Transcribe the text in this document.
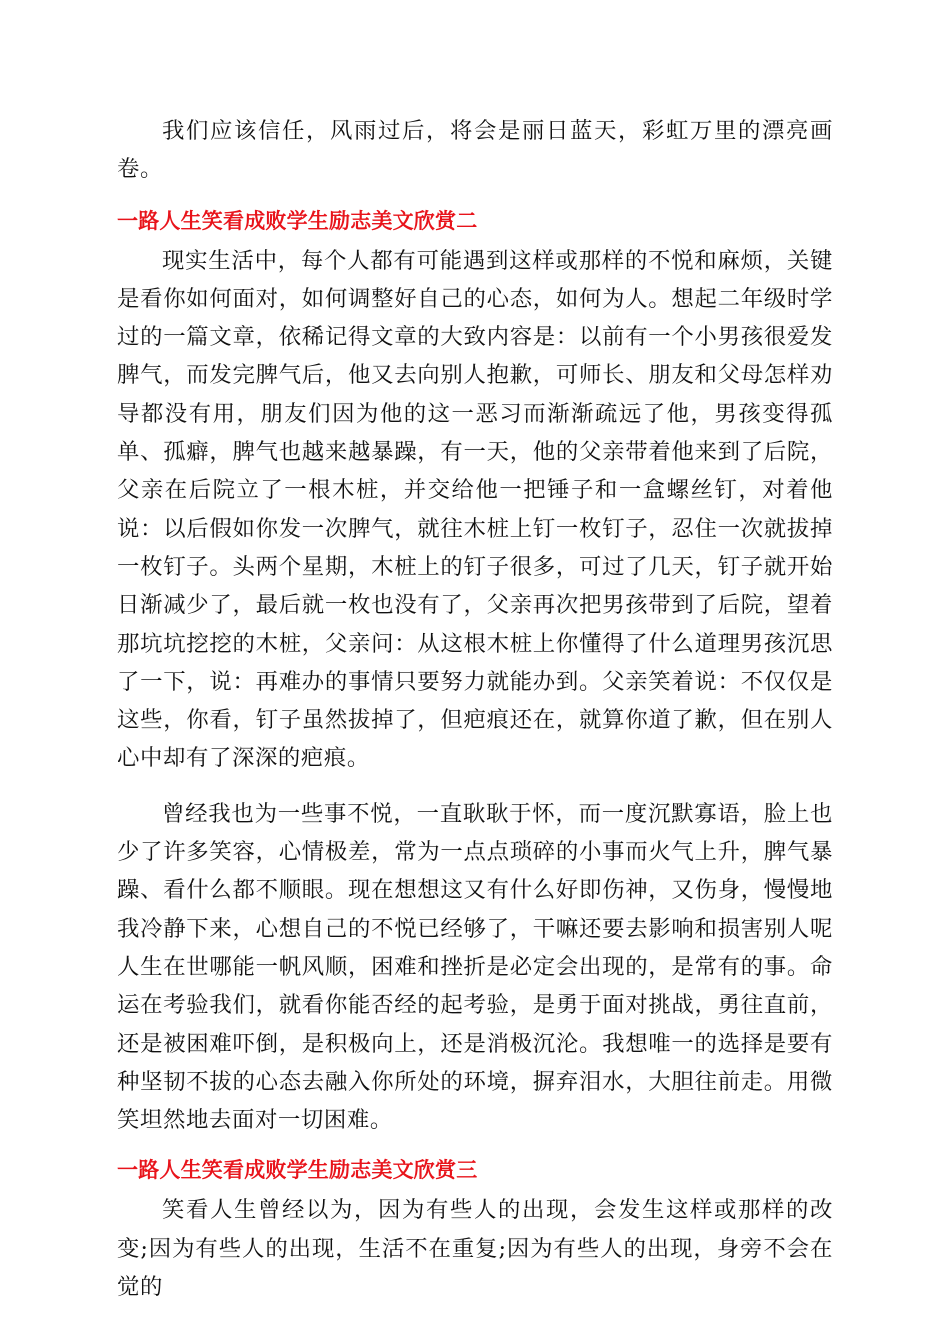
我们应该信任，风雨过后，将会是丽日蓝天，彩虹万里的漂亮画卷。

一路人生笑看成败学生励志美文欣赏二

现实生活中，每个人都有可能遇到这样或那样的不悦和麻烦，关键是看你如何面对，如何调整好自己的心态，如何为人。想起二年级时学过的一篇文章，依稀记得文章的大致内容是：以前有一个小男孩很爱发脾气，而发完脾气后，他又去向别人抱歉，可师长、朋友和父母怎样劝导都没有用，朋友们因为他的这一恶习而渐渐疏远了他，男孩变得孤单、孤癖，脾气也越来越暴躁，有一天，他的父亲带着他来到了后院，父亲在后院立了一根木桩，并交给他一把锤子和一盒螺丝钉，对着他说：以后假如你发一次脾气，就往木桩上钉一枚钉子，忍住一次就拔掉一枚钉子。头两个星期，木桩上的钉子很多，可过了几天，钉子就开始日渐减少了，最后就一枚也没有了，父亲再次把男孩带到了后院，望着那坑坑挖挖的木桩，父亲问：从这根木桩上你懂得了什么道理男孩沉思了一下，说：再难办的事情只要努力就能办到。父亲笑着说：不仅仅是这些，你看，钉子虽然拔掉了，但疤痕还在，就算你道了歉，但在别人心中却有了深深的疤痕。

曾经我也为一些事不悦，一直耿耿于怀，而一度沉默寡语，脸上也少了许多笑容，心情极差，常为一点点琐碎的小事而火气上升，脾气暴躁、看什么都不顺眼。现在想想这又有什么好即伤神，又伤身，慢慢地我冷静下来，心想自己的不悦已经够了，干嘛还要去影响和损害别人呢人生在世哪能一帆风顺，困难和挫折是必定会出现的，是常有的事。命运在考验我们，就看你能否经的起考验，是勇于面对挑战，勇往直前，还是被困难吓倒，是积极向上，还是消极沉沦。我想唯一的选择是要有种坚韧不拔的心态去融入你所处的环境，摒弃泪水，大胆往前走。用微笑坦然地去面对一切困难。

一路人生笑看成败学生励志美文欣赏三

笑看人生曾经以为，因为有些人的出现，会发生这样或那样的改变;因为有些人的出现，生活不在重复;因为有些人的出现，身旁不会在觉的
